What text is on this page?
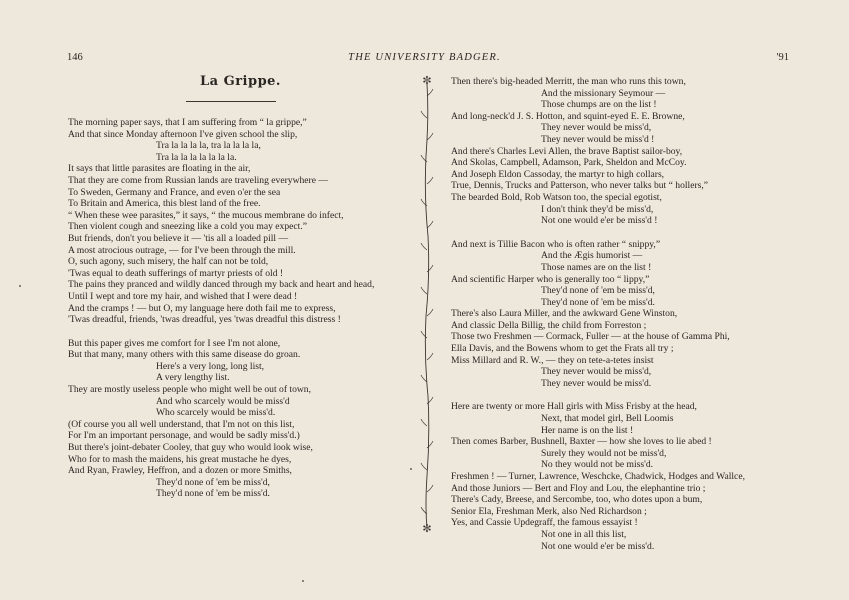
146	THE UNIVERSITY BADGER.	'91
La Grippe.
The morning paper says, that I am suffering from “ la grippe,”
And that since Monday afternoon I've given school the slip,
Tra la la la la, tra la la la la,
Tra la la la la la la la.
It says that little parasites are floating in the air,
That they are come from Russian lands are traveling everywhere —
To Sweden, Germany and France, and even o'er the sea
To Britain and America, this blest land of the free.
“ When these wee parasites,” it says, “ the mucous membrane do infect,
Then violent cough and sneezing like a cold you may expect.”
But friends, don't you believe it — 'tis all a loaded pill —
A most atrocious outrage, — for I've been through the mill.
O, such agony, such misery, the half can not be told,
'Twas equal to death sufferings of martyr priests of old !
The pains they pranced and wildly danced through my back and heart and head,
Until I wept and tore my hair, and wished that I were dead !
And the cramps ! — but O, my language here doth fail me to express,
'Twas dreadful, friends, 'twas dreadful, yes 'twas dreadful this distress !
But this paper gives me comfort for I see I'm not alone,
But that many, many others with this same disease do groan.
Here's a very long, long list,
A very lengthy list.
They are mostly useless people who might well be out of town,
And who scarcely would be miss'd
Who scarcely would be miss'd.
(Of course you all well understand, that I'm not on this list,
For I'm an important personage, and would be sadly miss'd.)
But there's joint-debater Cooley, that guy who would look wise,
Who for to mash the maidens, his great mustache he dyes,
And Ryan, Frawley, Heffron, and a dozen or more Smiths,
They'd none of 'em be miss'd,
They'd none of 'em be miss'd.
✼
✼
Then there's big-headed Merritt, the man who runs this town,
And the missionary Seymour —
Those chumps are on the list !
And long-neck'd J. S. Hotton, and squint-eyed E. E. Browne,
They never would be miss'd,
They never would be miss'd !
And there's Charles Levi Allen, the brave Baptist sailor-boy,
And Skolas, Campbell, Adamson, Park, Sheldon and McCoy.
And Joseph Eldon Cassoday, the martyr to high collars,
True, Dennis, Trucks and Patterson, who never talks but “ hollers,”
The bearded Bold, Rob Watson too, the special egotist,
I don't think they'd be miss'd,
Not one would e'er be miss'd !
And next is Tillie Bacon who is often rather “ snippy,”
And the Ægis humorist —
Those names are on the list !
And scientific Harper who is generally too “ lippy,”
They'd none of 'em be miss'd,
They'd none of 'em be miss'd.
There's also Laura Miller, and the awkward Gene Winston,
And classic Della Billig, the child from Forreston ;
Those two Freshmen — Cormack, Fuller — at the house of Gamma Phi,
Ella Davis, and the Bowens whom to get the Frats all try ;
Miss Millard and R. W., — they on tete-a-tetes insist
They never would be miss'd,
They never would be miss'd.
Here are twenty or more Hall girls with Miss Frisby at the head,
Next, that model girl, Bell Loomis
Her name is on the list !
Then comes Barber, Bushnell, Baxter — how she loves to lie abed !
Surely they would not be miss'd,
No they would not be miss'd.
Freshmen ! — Turner, Lawrence, Weschcke, Chadwick, Hodges and Wallce,
And those Juniors — Bert and Floy and Lou, the elephantine trio ;
There's Cady, Breese, and Sercombe, too, who dotes upon a bum,
Senior Ela, Freshman Merk, also Ned Richardson ;
Yes, and Cassie Updegraff, the famous essayist !
Not one in all this list,
Not one would e'er be miss'd.
